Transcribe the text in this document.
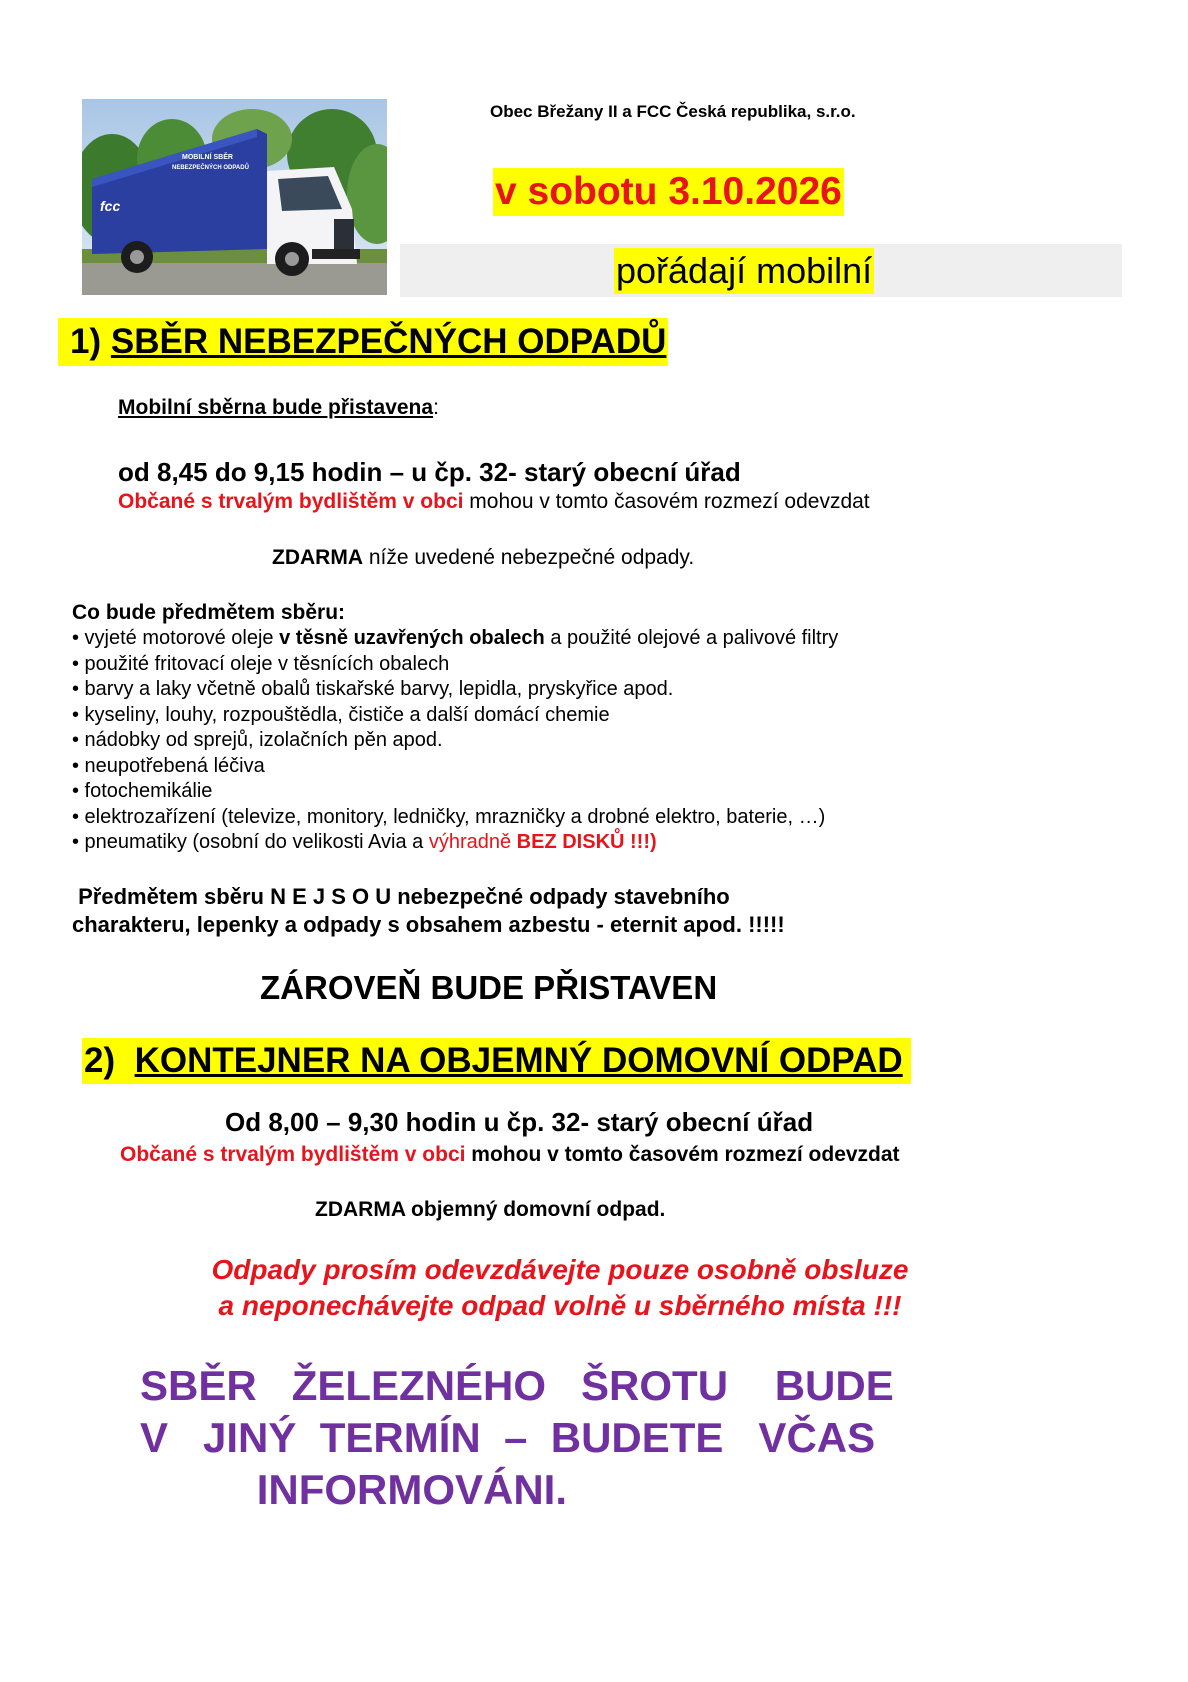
MOBILNÍ SBĚR
NEBEZPEČNÝCH ODPADŮ
fcc
Obec Břežany II a FCC Česká republika, s.r.o.
v sobotu 3.10.2026
pořádají mobilní
1) SBĚR NEBEZPEČNÝCH ODPADŮ
Mobilní sběrna bude přistavena:
od 8,45 do 9,15 hodin – u čp. 32- starý obecní úřad
Občané s trvalým bydlištěm v obci mohou v tomto časovém rozmezí odevzdat
ZDARMA níže uvedené nebezpečné odpady.
Co bude předmětem sběru:
• vyjeté motorové oleje v těsně uzavřených obalech a použité olejové a palivové filtry
• použité fritovací oleje v těsnících obalech
• barvy a laky včetně obalů tiskařské barvy, lepidla, pryskyřice apod.
• kyseliny, louhy, rozpouštědla, čističe a další domácí chemie
• nádobky od sprejů, izolačních pěn apod.
• neupotřebená léčiva
• fotochemikálie
• elektrozařízení (televize, monitory, ledničky, mrazničky a drobné elektro, baterie, …)
• pneumatiky (osobní do velikosti Avia a výhradně BEZ DISKŮ !!!)
Předmětem sběru N E J S O U nebezpečné odpady stavebního
charakteru, lepenky a odpady s obsahem azbestu - eternit apod. !!!!!
ZÁROVEŇ BUDE PŘISTAVEN
2)  KONTEJNER NA OBJEMNÝ DOMOVNÍ ODPAD
Od 8,00 – 9,30 hodin u čp. 32- starý obecní úřad
Občané s trvalým bydlištěm v obci mohou v tomto časovém rozmezí odevzdat
ZDARMA objemný domovní odpad.
Odpady prosím odevzdávejte pouze osobně obsluze
a neponechávejte odpad volně u sběrného místa !!!
SBĚR   ŽELEZNÉHO   ŠROTU    BUDE
V   JINÝ  TERMÍN  –  BUDETE   VČAS
INFORMOVÁNI.
